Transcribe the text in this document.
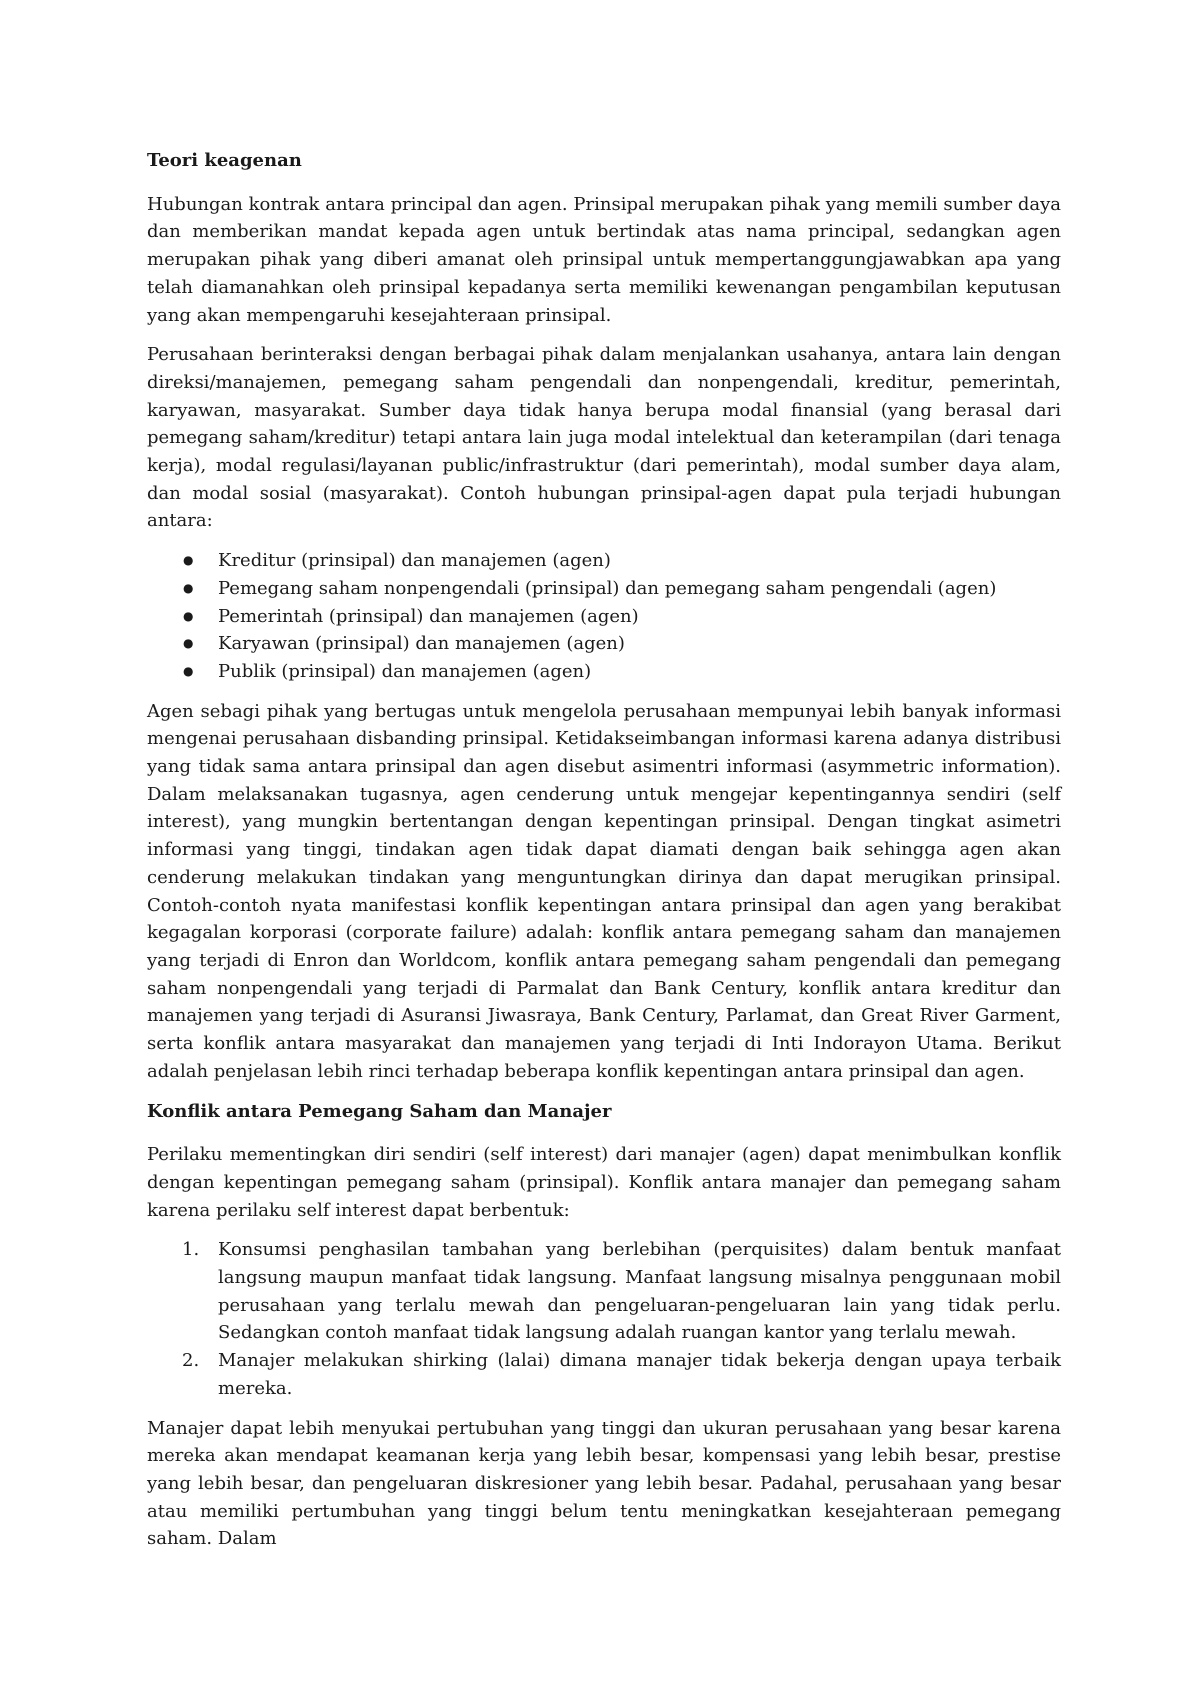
Teori keagenan

Hubungan kontrak antara principal dan agen. Prinsipal merupakan pihak yang memili sumber daya dan memberikan mandat kepada agen untuk bertindak atas nama principal, sedangkan agen merupakan pihak yang diberi amanat oleh prinsipal untuk mempertanggungjawabkan apa yang telah diamanahkan oleh prinsipal kepadanya serta memiliki kewenangan pengambilan keputusan yang akan mempengaruhi kesejahteraan prinsipal.

Perusahaan berinteraksi dengan berbagai pihak dalam menjalankan usahanya, antara lain dengan direksi/manajemen, pemegang saham pengendali dan nonpengendali, kreditur, pemerintah, karyawan, masyarakat. Sumber daya tidak hanya berupa modal finansial (yang berasal dari pemegang saham/kreditur) tetapi antara lain juga modal intelektual dan keterampilan (dari tenaga kerja), modal regulasi/layanan public/infrastruktur (dari pemerintah), modal sumber daya alam, dan modal sosial (masyarakat). Contoh hubungan prinsipal-agen dapat pula terjadi hubungan antara:

● Kreditur (prinsipal) dan manajemen (agen)
● Pemegang saham nonpengendali (prinsipal) dan pemegang saham pengendali (agen)
● Pemerintah (prinsipal) dan manajemen (agen)
● Karyawan (prinsipal) dan manajemen (agen)
● Publik (prinsipal) dan manajemen (agen)

Agen sebagi pihak yang bertugas untuk mengelola perusahaan mempunyai lebih banyak informasi mengenai perusahaan disbanding prinsipal. Ketidakseimbangan informasi karena adanya distribusi yang tidak sama antara prinsipal dan agen disebut asimentri informasi (asymmetric information). Dalam melaksanakan tugasnya, agen cenderung untuk mengejar kepentingannya sendiri (self interest), yang mungkin bertentangan dengan kepentingan prinsipal. Dengan tingkat asimetri informasi yang tinggi, tindakan agen tidak dapat diamati dengan baik sehingga agen akan cenderung melakukan tindakan yang menguntungkan dirinya dan dapat merugikan prinsipal. Contoh-contoh nyata manifestasi konflik kepentingan antara prinsipal dan agen yang berakibat kegagalan korporasi (corporate failure) adalah: konflik antara pemegang saham dan manajemen yang terjadi di Enron dan Worldcom, konflik antara pemegang saham pengendali dan pemegang saham nonpengendali yang terjadi di Parmalat dan Bank Century, konflik antara kreditur dan manajemen yang terjadi di Asuransi Jiwasraya, Bank Century, Parlamat, dan Great River Garment, serta konflik antara masyarakat dan manajemen yang terjadi di Inti Indorayon Utama. Berikut adalah penjelasan lebih rinci terhadap beberapa konflik kepentingan antara prinsipal dan agen.

Konflik antara Pemegang Saham dan Manajer

Perilaku mementingkan diri sendiri (self interest) dari manajer (agen) dapat menimbulkan konflik dengan kepentingan pemegang saham (prinsipal). Konflik antara manajer dan pemegang saham karena perilaku self interest dapat berbentuk:

1. Konsumsi penghasilan tambahan yang berlebihan (perquisites) dalam bentuk manfaat langsung maupun manfaat tidak langsung. Manfaat langsung misalnya penggunaan mobil perusahaan yang terlalu mewah dan pengeluaran-pengeluaran lain yang tidak perlu. Sedangkan contoh manfaat tidak langsung adalah ruangan kantor yang terlalu mewah.
2. Manajer melakukan shirking (lalai) dimana manajer tidak bekerja dengan upaya terbaik mereka.

Manajer dapat lebih menyukai pertubuhan yang tinggi dan ukuran perusahaan yang besar karena mereka akan mendapat keamanan kerja yang lebih besar, kompensasi yang lebih besar, prestise yang lebih besar, dan pengeluaran diskresioner yang lebih besar. Padahal, perusahaan yang besar atau memiliki pertumbuhan yang tinggi belum tentu meningkatkan kesejahteraan pemegang saham. Dalam
